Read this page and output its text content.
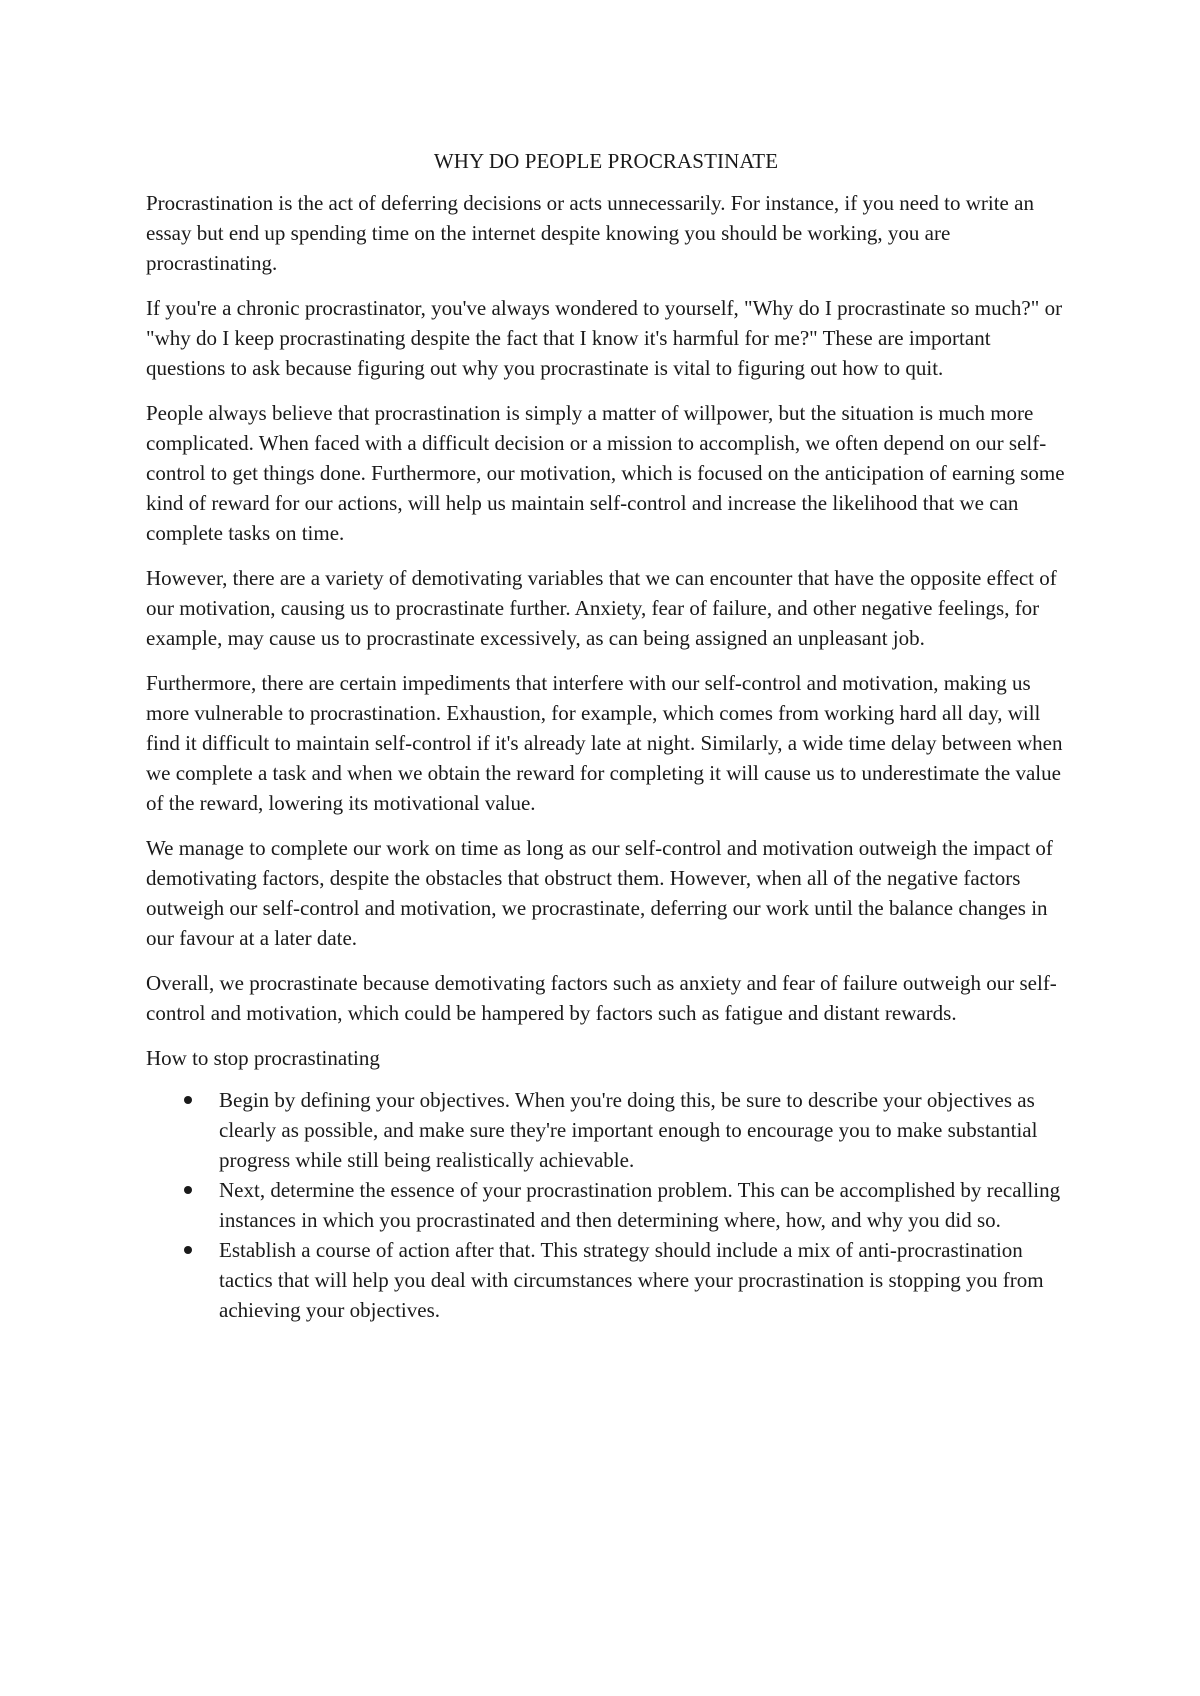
WHY DO PEOPLE PROCRASTINATE

Procrastination is the act of deferring decisions or acts unnecessarily. For instance, if you need to write an essay but end up spending time on the internet despite knowing you should be working, you are procrastinating.

If you're a chronic procrastinator, you've always wondered to yourself, "Why do I procrastinate so much?" or "why do I keep procrastinating despite the fact that I know it's harmful for me?" These are important questions to ask because figuring out why you procrastinate is vital to figuring out how to quit.

People always believe that procrastination is simply a matter of willpower, but the situation is much more complicated. When faced with a difficult decision or a mission to accomplish, we often depend on our self-control to get things done. Furthermore, our motivation, which is focused on the anticipation of earning some kind of reward for our actions, will help us maintain self-control and increase the likelihood that we can complete tasks on time.

However, there are a variety of demotivating variables that we can encounter that have the opposite effect of our motivation, causing us to procrastinate further. Anxiety, fear of failure, and other negative feelings, for example, may cause us to procrastinate excessively, as can being assigned an unpleasant job.

Furthermore, there are certain impediments that interfere with our self-control and motivation, making us more vulnerable to procrastination. Exhaustion, for example, which comes from working hard all day, will find it difficult to maintain self-control if it's already late at night. Similarly, a wide time delay between when we complete a task and when we obtain the reward for completing it will cause us to underestimate the value of the reward, lowering its motivational value.

We manage to complete our work on time as long as our self-control and motivation outweigh the impact of demotivating factors, despite the obstacles that obstruct them. However, when all of the negative factors outweigh our self-control and motivation, we procrastinate, deferring our work until the balance changes in our favour at a later date.

Overall, we procrastinate because demotivating factors such as anxiety and fear of failure outweigh our self-control and motivation, which could be hampered by factors such as fatigue and distant rewards.

How to stop procrastinating

Begin by defining your objectives. When you're doing this, be sure to describe your objectives as clearly as possible, and make sure they're important enough to encourage you to make substantial progress while still being realistically achievable.
Next, determine the essence of your procrastination problem. This can be accomplished by recalling instances in which you procrastinated and then determining where, how, and why you did so.
Establish a course of action after that. This strategy should include a mix of anti-procrastination tactics that will help you deal with circumstances where your procrastination is stopping you from achieving your objectives.
